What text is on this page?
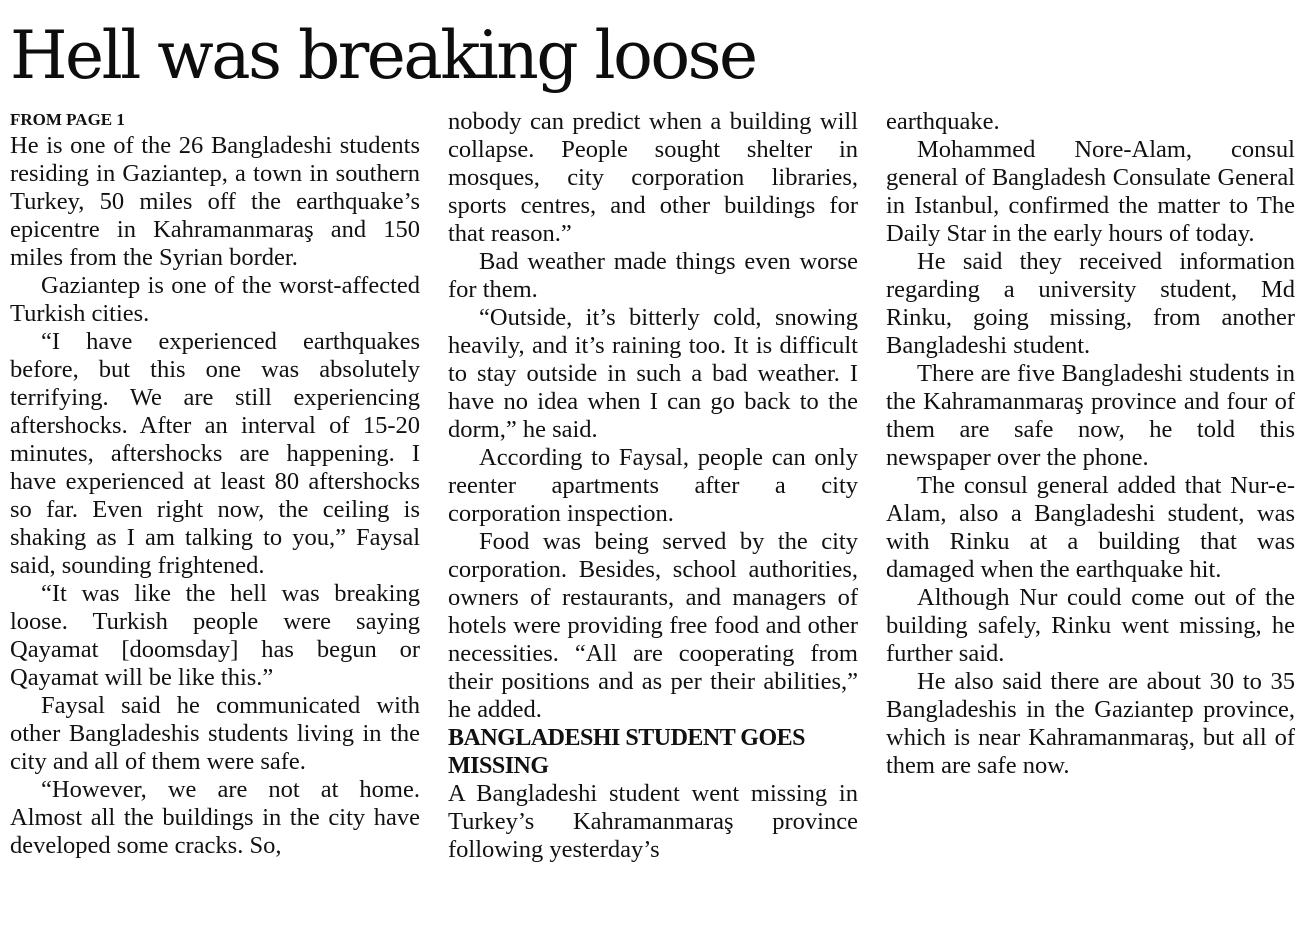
Hell was breaking loose
FROM PAGE 1

He is one of the 26 Bangladeshi students residing in Gaziantep, a town in southern Turkey, 50 miles off the earthquake’s epicentre in Kahramanmaraş and 150 miles from the Syrian border.

Gaziantep is one of the worst-affected Turkish cities.

“I have experienced earthquakes before, but this one was absolutely terrifying. We are still experiencing aftershocks. After an interval of 15-20 minutes, aftershocks are happening. I have experienced at least 80 aftershocks so far. Even right now, the ceiling is shaking as I am talking to you,” Faysal said, sounding frightened.

“It was like the hell was breaking loose. Turkish people were saying Qayamat [doomsday] has begun or Qayamat will be like this.”

Faysal said he communicated with other Bangladeshis students living in the city and all of them were safe.

“However, we are not at home. Almost all the buildings in the city have developed some cracks. So,

nobody can predict when a building will collapse. People sought shelter in mosques, city corporation libraries, sports centres, and other buildings for that reason.”

Bad weather made things even worse for them.

“Outside, it’s bitterly cold, snowing heavily, and it’s raining too. It is difficult to stay outside in such a bad weather. I have no idea when I can go back to the dorm,” he said.

According to Faysal, people can only reenter apartments after a city corporation inspection.

Food was being served by the city corporation. Besides, school authorities, owners of restaurants, and managers of hotels were providing free food and other necessities. “All are cooperating from their positions and as per their abilities,” he added.

BANGLADESHI STUDENT GOES MISSING

A Bangladeshi student went missing in Turkey’s Kahramanmaraş province following yesterday’s

earthquake.

Mohammed Nore-Alam, consul general of Bangladesh Consulate General in Istanbul, confirmed the matter to The Daily Star in the early hours of today.

He said they received information regarding a university student, Md Rinku, going missing, from another Bangladeshi student.

There are five Bangladeshi students in the Kahramanmaraş province and four of them are safe now, he told this newspaper over the phone.

The consul general added that Nur-e-Alam, also a Bangladeshi student, was with Rinku at a building that was damaged when the earthquake hit.

Although Nur could come out of the building safely, Rinku went missing, he further said.

He also said there are about 30 to 35 Bangladeshis in the Gaziantep province, which is near Kahramanmaraş, but all of them are safe now.
